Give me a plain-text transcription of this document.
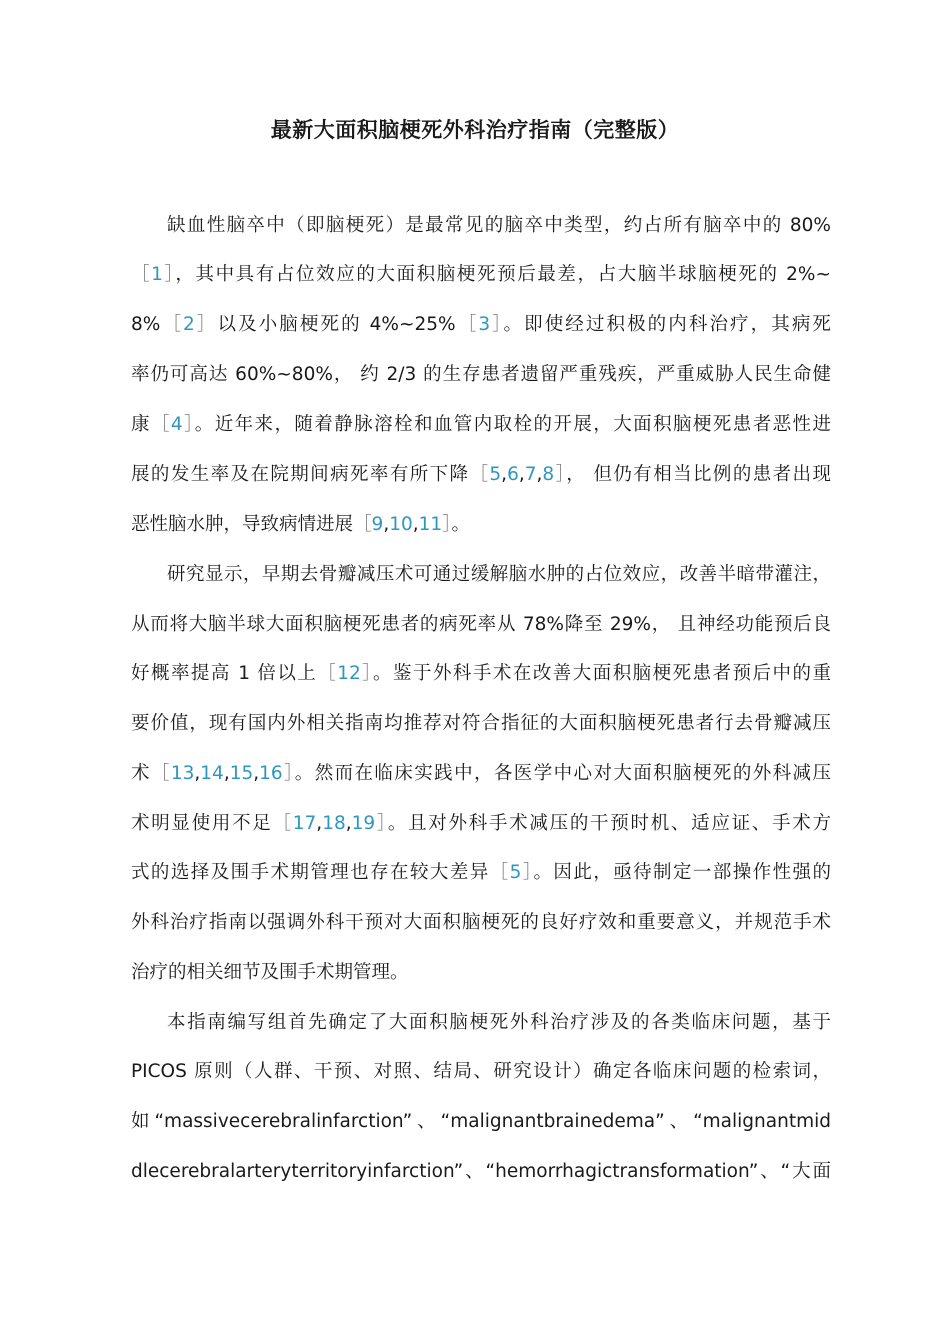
最新大面积脑梗死外科治疗指南（完整版）
缺血性脑卒中（即脑梗死）是最常见的脑卒中类型，约占所有脑卒中的 80%
［1］，其中具有占位效应的大面积脑梗死预后最差，占大脑半球脑梗死的 2%~
8%［2］以及小脑梗死的 4%~25%［3］。即使经过积极的内科治疗，其病死
率仍可高达 60%~80%， 约 2/3 的生存患者遗留严重残疾，严重威胁人民生命健
康［4］。近年来，随着静脉溶栓和血管内取栓的开展，大面积脑梗死患者恶性进
展的发生率及在院期间病死率有所下降［5,6,7,8］， 但仍有相当比例的患者出现
恶性脑水肿，导致病情进展［9,10,11］。
研究显示，早期去骨瓣减压术可通过缓解脑水肿的占位效应，改善半暗带灌注，
从而将大脑半球大面积脑梗死患者的病死率从 78%降至 29%， 且神经功能预后良
好概率提高 1 倍以上［12］。鉴于外科手术在改善大面积脑梗死患者预后中的重
要价值，现有国内外相关指南均推荐对符合指征的大面积脑梗死患者行去骨瓣减压
术［13,14,15,16］。然而在临床实践中，各医学中心对大面积脑梗死的外科减压
术明显使用不足［17,18,19］。且对外科手术减压的干预时机、适应证、手术方
式的选择及围手术期管理也存在较大差异［5］。因此，亟待制定一部操作性强的
外科治疗指南以强调外科干预对大面积脑梗死的良好疗效和重要意义，并规范手术
治疗的相关细节及围手术期管理。
本指南编写组首先确定了大面积脑梗死外科治疗涉及的各类临床问题，基于
PICOS 原则（人群、干预、对照、结局、研究设计）确定各临床问题的检索词，
如“massivecerebralinfarction”、“malignantbrainedema”、“malignantmid
dlecerebralarteryterritoryinfarction”、“hemorrhagictransformation”、“大面
